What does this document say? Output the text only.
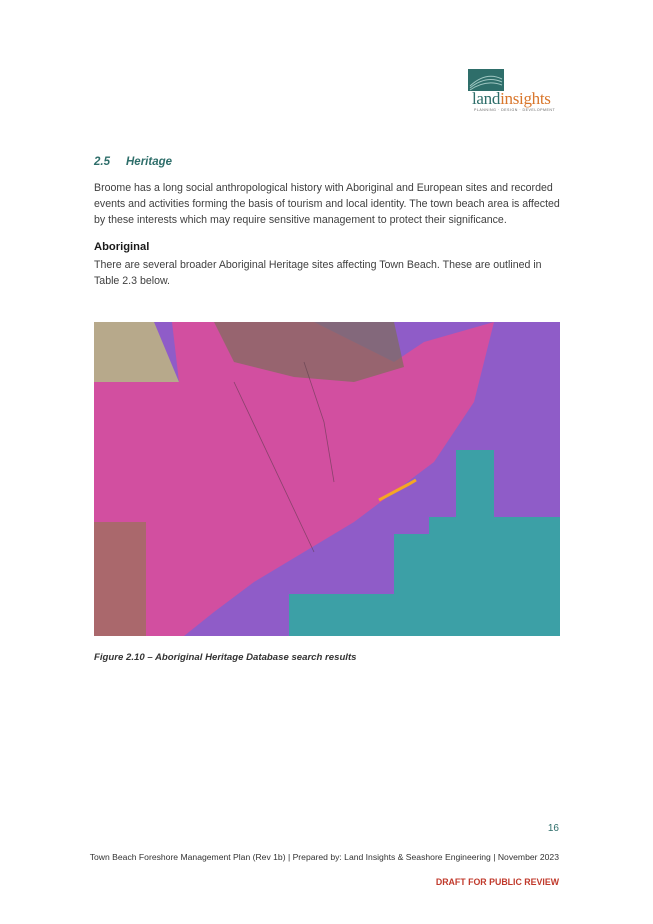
landinsights
PLANNING · DESIGN · DEVELOPMENT
2.5 Heritage

Broome has a long social anthropological history with Aboriginal and European sites and recorded events and activities forming the basis of tourism and local identity. The town beach area is affected by these interests which may require sensitive management to protect their significance.

Aboriginal

There are several broader Aboriginal Heritage sites affecting Town Beach. These are outlined in Table 2.3 below.

Figure 2.10 – Aboriginal Heritage Database search results
16
Town Beach Foreshore Management Plan (Rev 1b) | Prepared by: Land Insights & Seashore Engineering | November 2023
DRAFT FOR PUBLIC REVIEW
